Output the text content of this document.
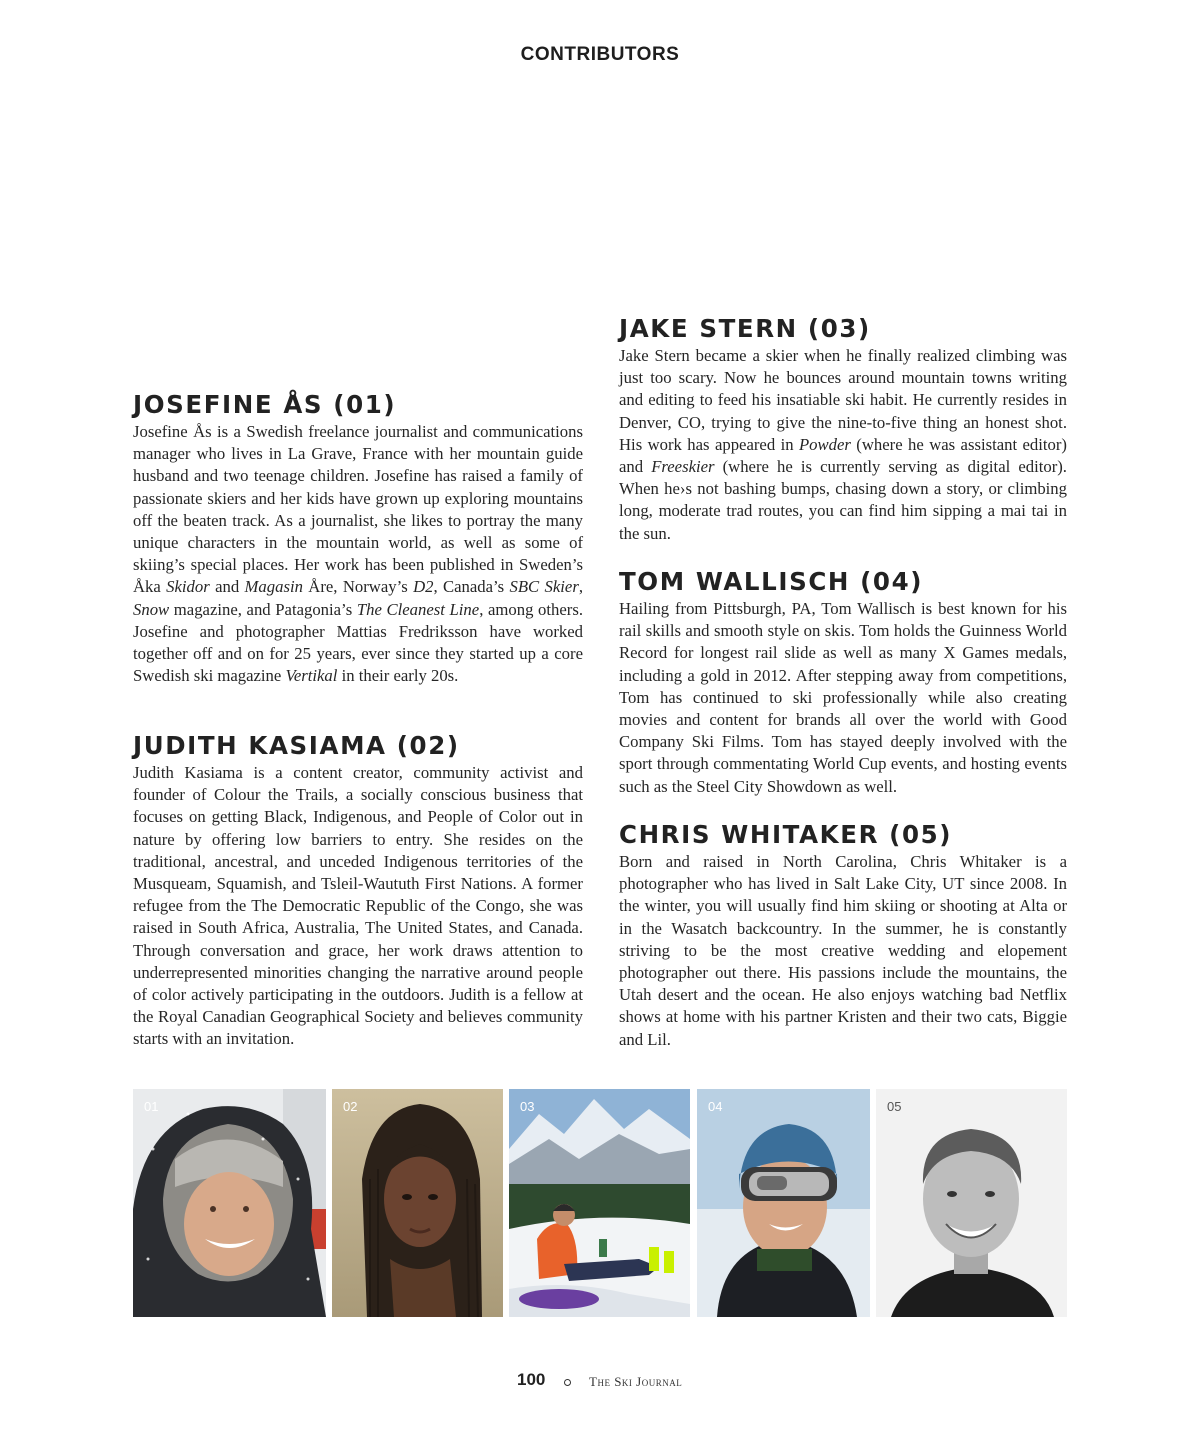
CONTRIBUTORS
JOSEFINE ÅS (01)

Josefine Ås is a Swedish freelance journalist and communications manager who lives in La Grave, France with her mountain guide husband and two teenage children. Josefine has raised a family of passionate skiers and her kids have grown up exploring mountains off the beaten track. As a journalist, she likes to portray the many unique characters in the mountain world, as well as some of skiing’s special places. Her work has been published in Sweden’s Åka Skidor and Magasin Åre, Norway’s D2, Canada’s SBC Skier, Snow magazine, and Patagonia’s The Cleanest Line, among others. Josefine and photographer Mattias Fredriksson have worked together off and on for 25 years, ever since they started up a core Swedish ski magazine Vertikal in their early 20s.

JUDITH KASIAMA (02)

Judith Kasiama is a content creator, community activist and founder of Colour the Trails, a socially conscious business that focuses on getting Black, Indigenous, and People of Color out in nature by offering low barriers to entry. She resides on the traditional, ancestral, and unceded Indigenous territories of the Musqueam, Squamish, and Tsleil-Waututh First Nations. A former refugee from the The Democratic Republic of the Congo, she was raised in South Africa, Australia, The United States, and Canada. Through conversation and grace, her work draws attention to underrepresented minorities changing the narrative around people of color actively participating in the outdoors. Judith is a fellow at the Royal Canadian Geographical Society and believes community starts with an invitation.

JAKE STERN (03)

Jake Stern became a skier when he finally realized climbing was just too scary. Now he bounces around mountain towns writing and editing to feed his insatiable ski habit. He currently resides in Denver, CO, trying to give the nine-to-five thing an honest shot. His work has appeared in Powder (where he was assistant editor) and Freeskier (where he is currently serving as digital editor). When he›s not bashing bumps, chasing down a story, or climbing long, moderate trad routes, you can find him sipping a mai tai in the sun.

TOM WALLISCH (04)

Hailing from Pittsburgh, PA, Tom Wallisch is best known for his rail skills and smooth style on skis. Tom holds the Guinness World Record for longest rail slide as well as many X Games medals, including a gold in 2012. After stepping away from competitions, Tom has continued to ski professionally while also creating movies and content for brands all over the world with Good Company Ski Films. Tom has stayed deeply involved with the sport through commentating World Cup events, and hosting events such as the Steel City Showdown as well.

CHRIS WHITAKER (05)

Born and raised in North Carolina, Chris Whitaker is a photographer who has lived in Salt Lake City, UT since 2008. In the winter, you will usually find him skiing or shooting at Alta or in the Wasatch backcountry. In the summer, he is constantly striving to be the most creative wedding and elopement photographer out there. His passions include the mountains, the Utah desert and the ocean. He also enjoys watching bad Netflix shows at home with his partner Kristen and their two cats, Biggie and Lil.

01	02	03	04	05
100	The Ski Journal
